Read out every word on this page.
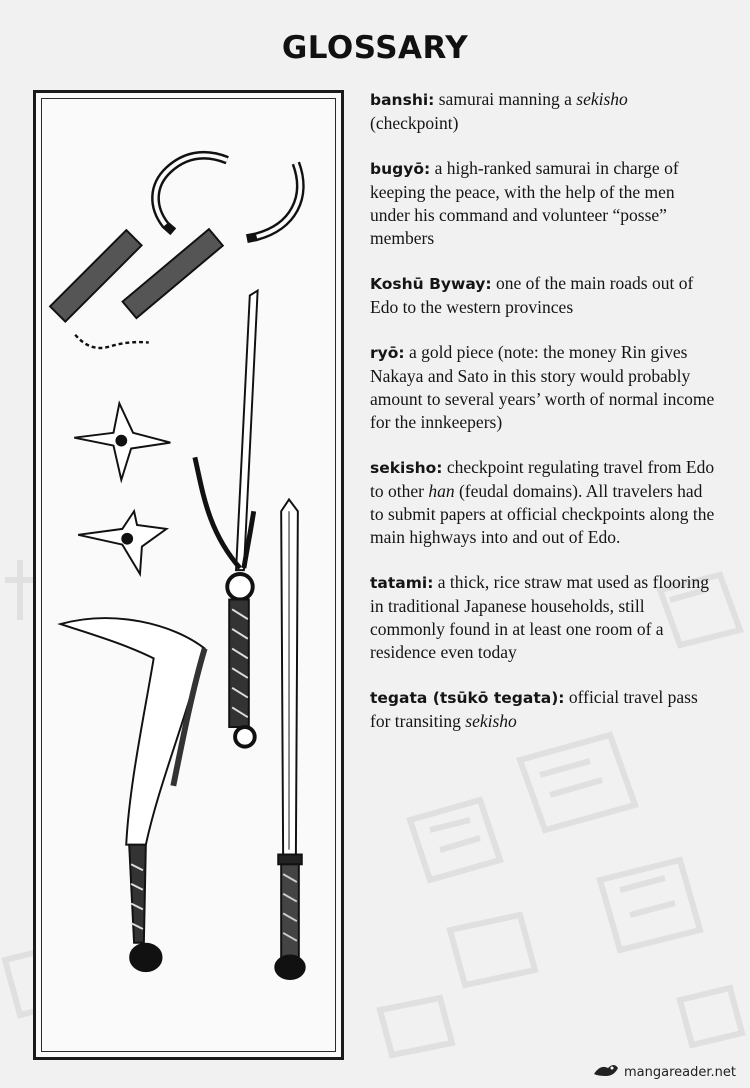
GLOSSARY

banshi: samurai manning a sekisho (checkpoint)

bugyō: a high-ranked samurai in charge of keeping the peace, with the help of the men under his command and volunteer “posse” members

Koshū Byway: one of the main roads out of Edo to the western provinces

ryō: a gold piece (note: the money Rin gives Nakaya and Sato in this story would probably amount to several years’ worth of normal income for the innkeepers)

sekisho: checkpoint regulating travel from Edo to other han (feudal domains). All travelers had to submit papers at official checkpoints along the main highways into and out of Edo.

tatami: a thick, rice straw mat used as flooring in traditional Japanese households, still commonly found in at least one room of a residence even today

tegata (tsūkō tegata): official travel pass for transiting sekisho

mangareader.net
